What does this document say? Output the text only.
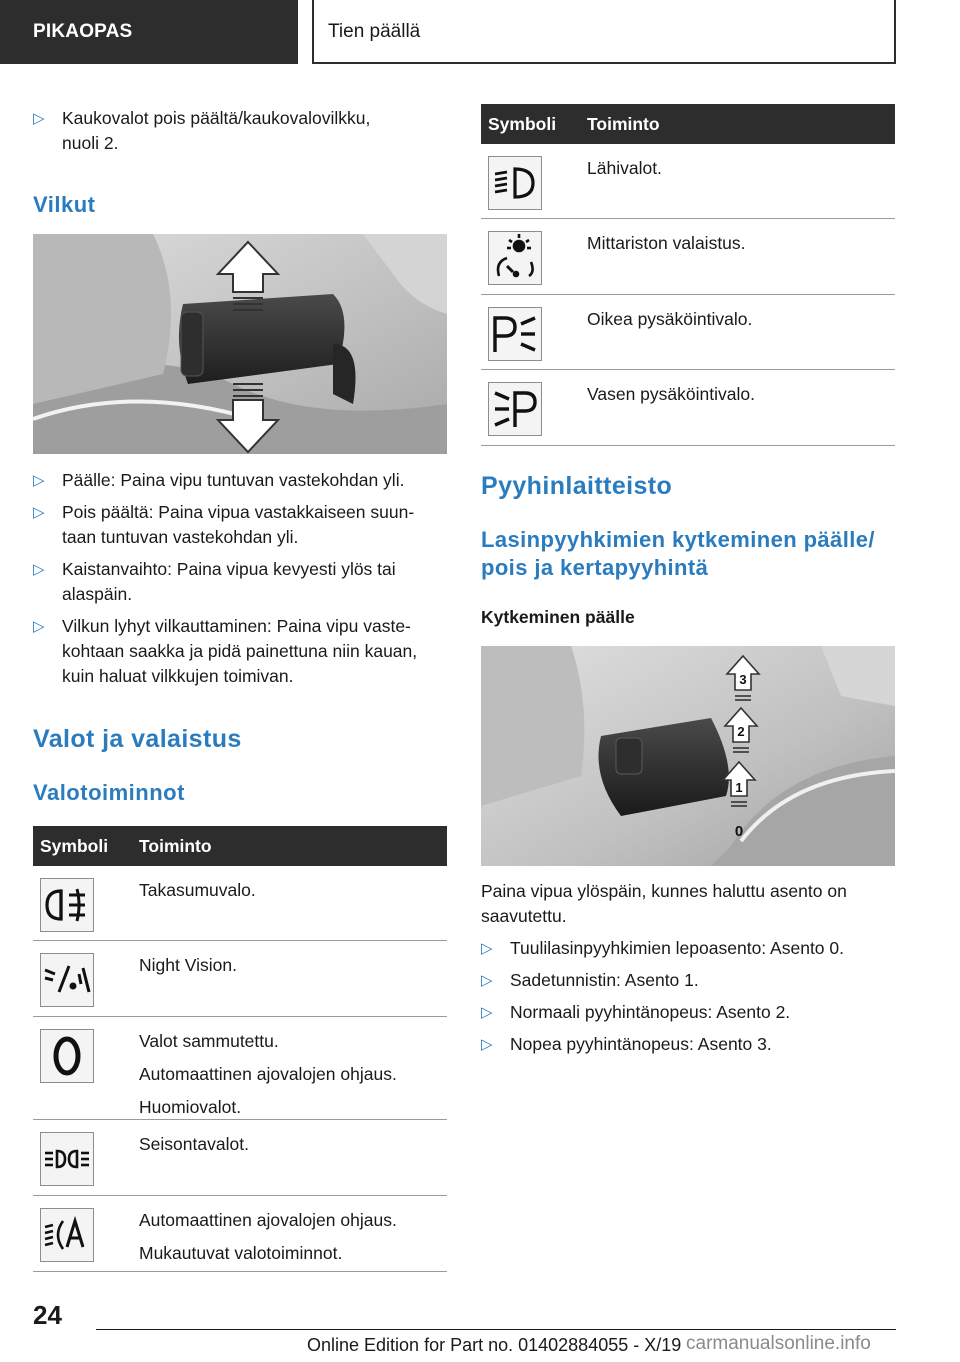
PIKAOPAS	Tien päällä
▷ Kaukovalot pois päältä/kaukovalovilkku,
nuoli 2.
Vilkut
▷ Päälle: Paina vipu tuntuvan vastekohdan yli.
▷ Pois päältä: Paina vipua vastakkaiseen suun-
taan tuntuvan vastekohdan yli.
▷ Kaistanvaihto: Paina vipua kevyesti ylös tai
alaspäin.
▷ Vilkun lyhyt vilkauttaminen: Paina vipu vaste-
kohtaan saakka ja pidä painettuna niin kauan,
kuin haluat vilkkujen toimivan.
Valot ja valaistus
Valotoiminnot
Symboli Toiminto
Takasumuvalo.
Night Vision.
Valot sammutettu.
Automaattinen ajovalojen ohjaus.
Huomiovalot.
Seisontavalot.
Automaattinen ajovalojen ohjaus.
Mukautuvat valotoiminnot.
Symboli Toiminto
Lähivalot.
Mittariston valaistus.
Oikea pysäköintivalo.
Vasen pysäköintivalo.
Pyyhinlaitteisto
Lasinpyyhkimien kytkeminen päälle/
pois ja kertapyyhintä
Kytkeminen päälle
3
2
1
0
Paina vipua ylöspäin, kunnes haluttu asento on
saavutettu.
▷ Tuulilasinpyyhkimien lepoasento: Asento 0.
▷ Sadetunnistin: Asento 1.
▷ Normaali pyyhintänopeus: Asento 2.
▷ Nopea pyyhintänopeus: Asento 3.
24
Online Edition for Part no. 01402884055 - X/19 carmanualsonline.info
